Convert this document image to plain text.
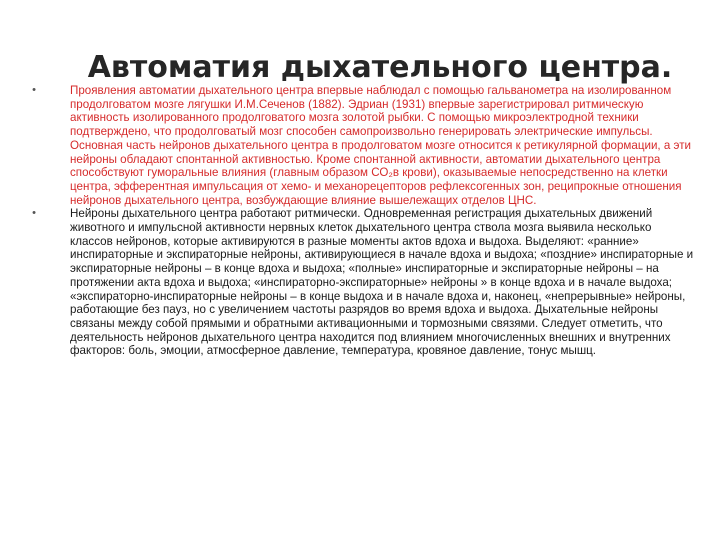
Автоматия дыхательного центра.
•	Проявления автоматии дыхательного центра впервые наблюдал с помощью гальванометра на изолированном продолговатом мозге лягушки И.М.Сеченов (1882). Эдриан (1931) впервые зарегистрировал ритмическую активность изолированного продолговатого мозга золотой рыбки. С помощью микроэлектродной техники подтверждено, что продолговатый мозг способен самопроизвольно генерировать электрические импульсы. Основная часть нейронов дыхательного центра в продолговатом мозге относится к ретикулярной формации, а эти нейроны обладают спонтанной активностью. Кроме спонтанной активности, автоматии дыхательного центра способствуют гуморальные влияния (главным образом СО₂в крови), оказываемые непосредственно на клетки центра, эфферентная импульсация от хемо- и механорецепторов рефлексогенных зон, реципрокные отношения нейронов дыхательного центра, возбуждающие влияние вышележащих отделов ЦНС.
•	Нейроны дыхательного центра работают ритмически. Одновременная регистрация дыхательных движений животного и импульсной активности нервных клеток дыхательного центра ствола мозга выявила несколько классов нейронов, которые активируются в разные моменты актов вдоха и выдоха. Выделяют: «ранние» инспираторные и экспираторные нейроны, активирующиеся в начале вдоха и выдоха; «поздние» инспираторные и экспираторные нейроны – в конце вдоха и выдоха; «полные» инспираторные и экспираторные нейроны – на протяжении акта вдоха и выдоха; «инспираторно-экспираторные» нейроны » в конце вдоха и в начале выдоха; «экспираторно-инспираторные нейроны – в конце выдоха и в начале вдоха и, наконец, «непрерывные» нейроны, работающие без пауз, но с увеличением частоты разрядов во время вдоха и выдоха. Дыхательные нейроны связаны между собой прямыми и обратными активационными и тормозными связями. Следует отметить, что деятельность нейронов дыхательного центра находится под влиянием многочисленных внешних и внутренних факторов: боль, эмоции, атмосферное давление, температура, кровяное давление, тонус мышц.
